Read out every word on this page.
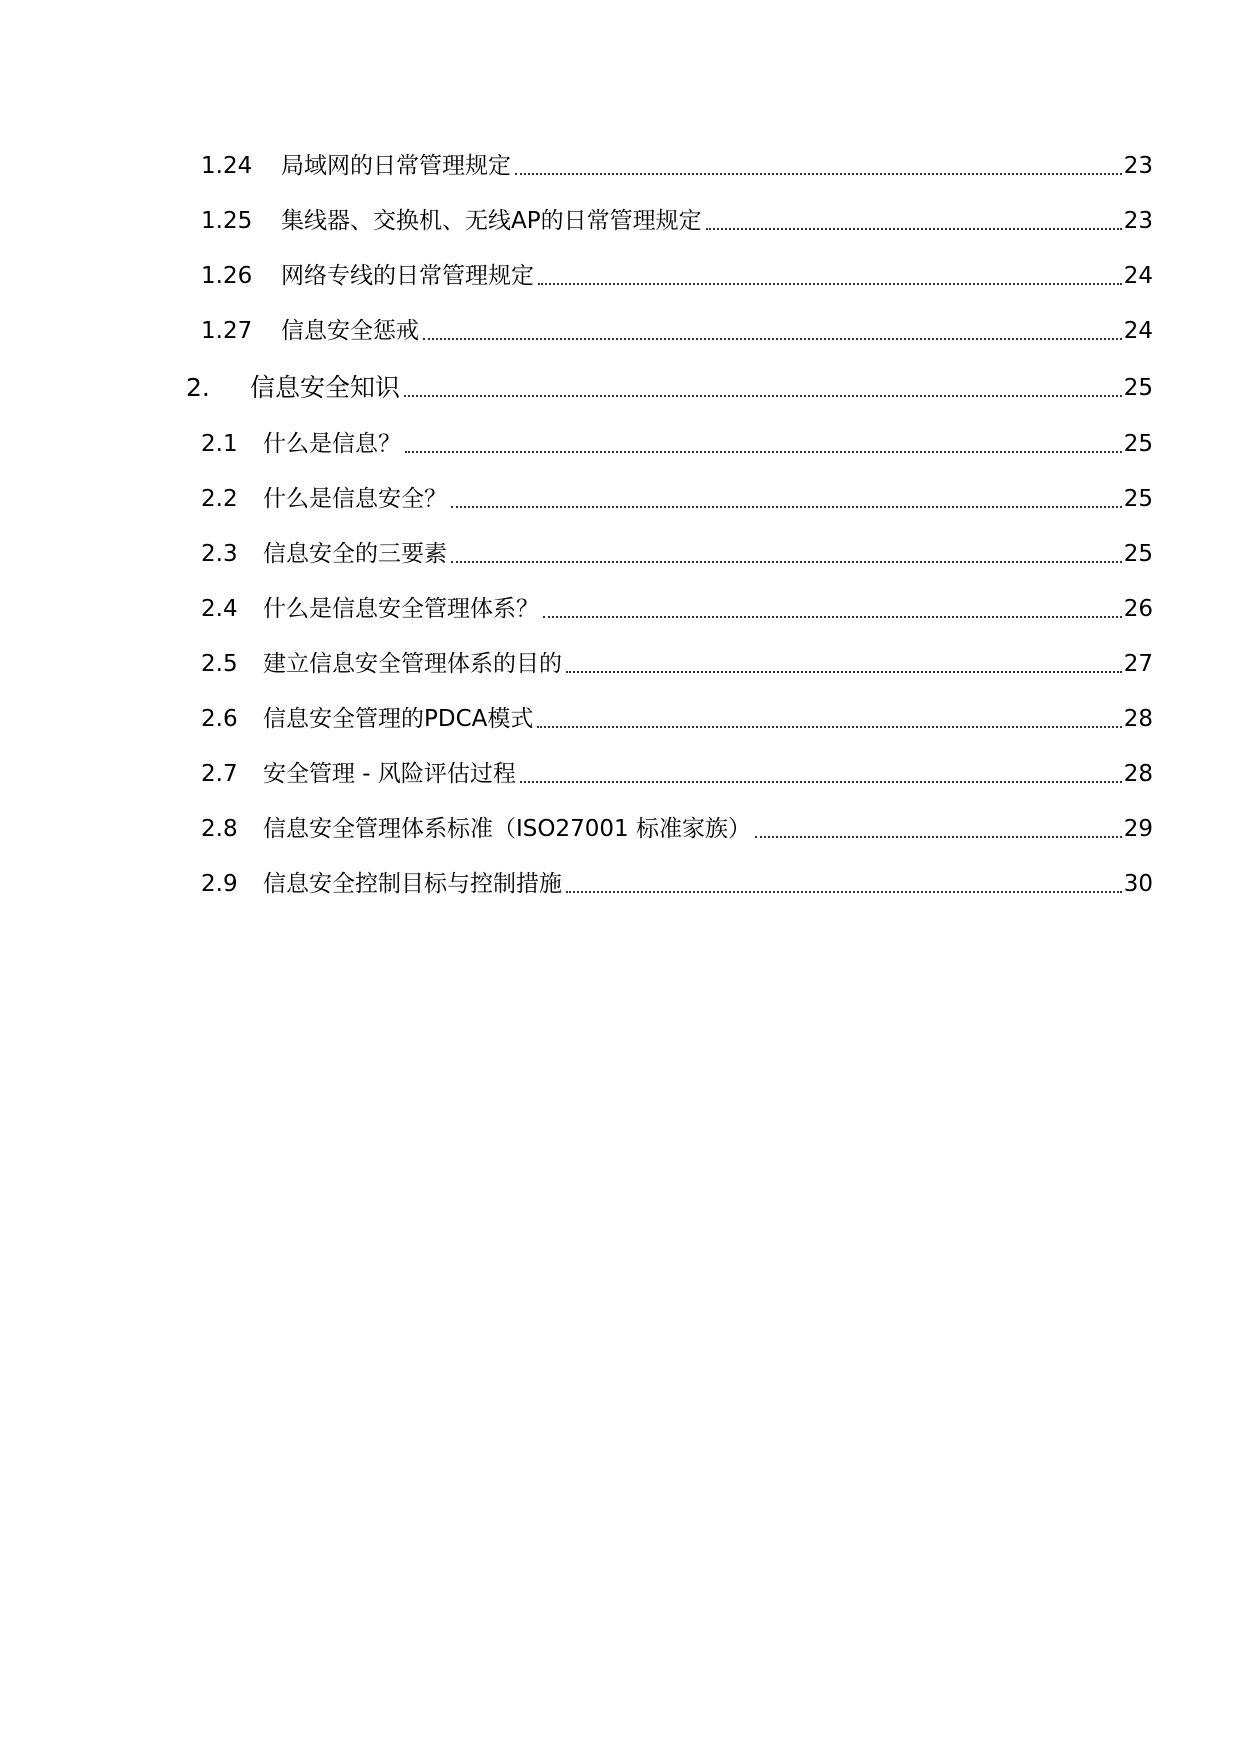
1.24	局域网的日常管理规定	23
1.25	集线器、交换机、无线AP的日常管理规定	23
1.26	网络专线的日常管理规定	24
1.27	信息安全惩戒	24
2.	信息安全知识	25
2.1	什么是信息？	25
2.2	什么是信息安全？	25
2.3	信息安全的三要素	25
2.4	什么是信息安全管理体系？	26
2.5	建立信息安全管理体系的目的	27
2.6	信息安全管理的PDCA模式	28
2.7	安全管理 - 风险评估过程	28
2.8	信息安全管理体系标准（ISO27001 标准家族）	29
2.9	信息安全控制目标与控制措施	30
